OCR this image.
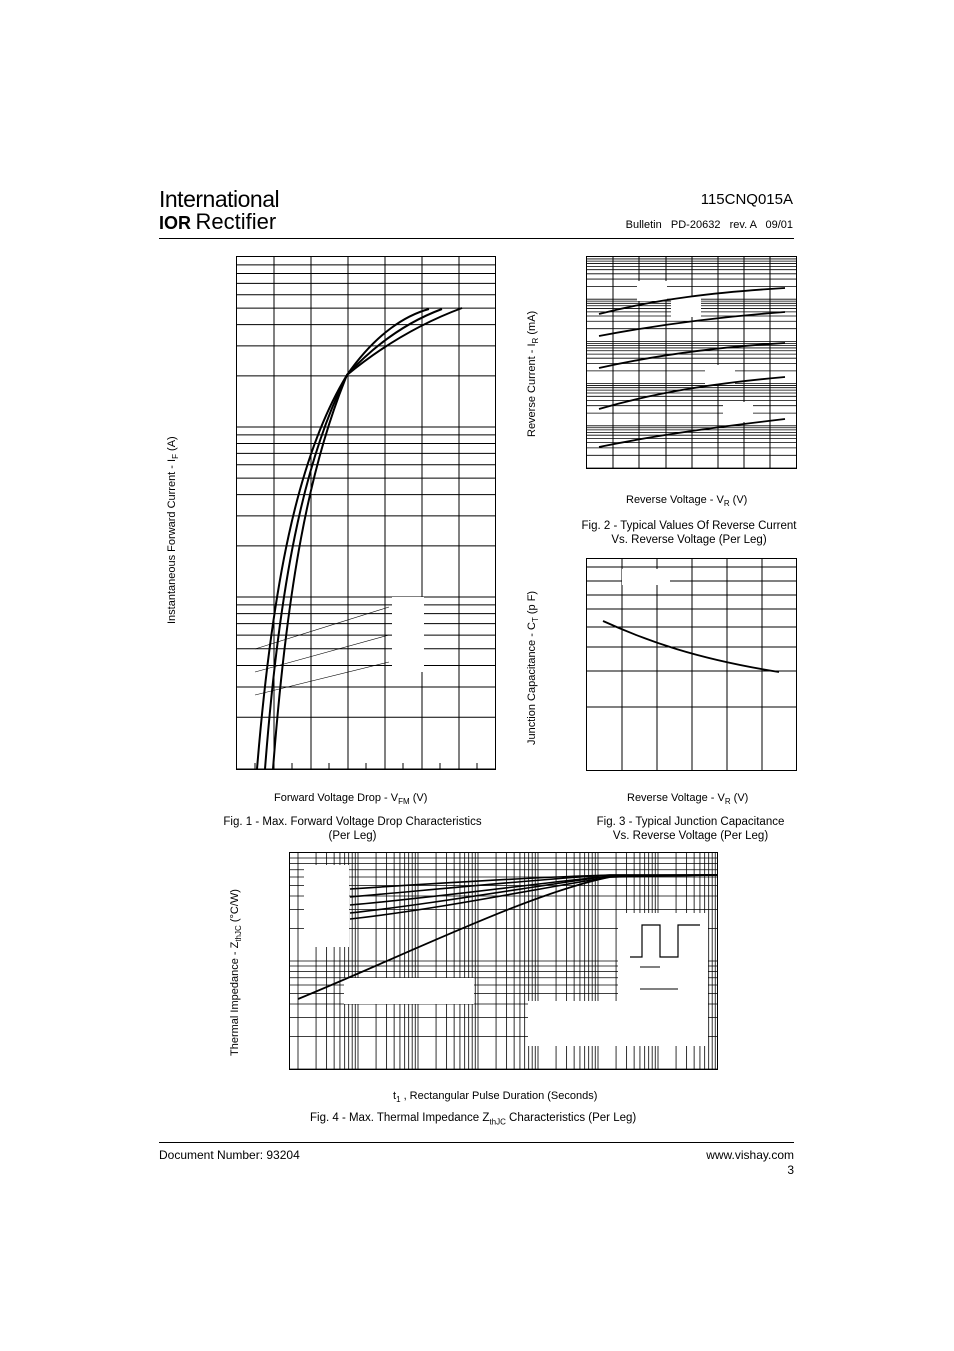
International
IOR Rectifier
115CNQ015A
Bulletin   PD-20632   rev. A   09/01
Instantaneous Forward Current - $I_F$ (A)
Forward Voltage Drop - $V_{FM}$ (V)
Fig. 1 - Max. Forward Voltage Drop Characteristics
(Per Leg)
Reverse Current - $I_R$ (mA)
Reverse Voltage - $V_R$ (V)
Fig. 2 - Typical Values Of Reverse Current
Vs. Reverse Voltage (Per Leg)
Junction Capacitance - $C_T$ (p F)
Reverse Voltage - $V_R$ (V)
Fig. 3 - Typical Junction Capacitance
Vs. Reverse Voltage (Per Leg)
Thermal Impedance - $Z_{thJC}$ (°C/W)
$t_1$ , Rectangular Pulse Duration (Seconds)
Fig. 4 - Max. Thermal Impedance $Z_{thJC}$ Characteristics (Per Leg)
Document Number: 93204	www.vishay.com
3
